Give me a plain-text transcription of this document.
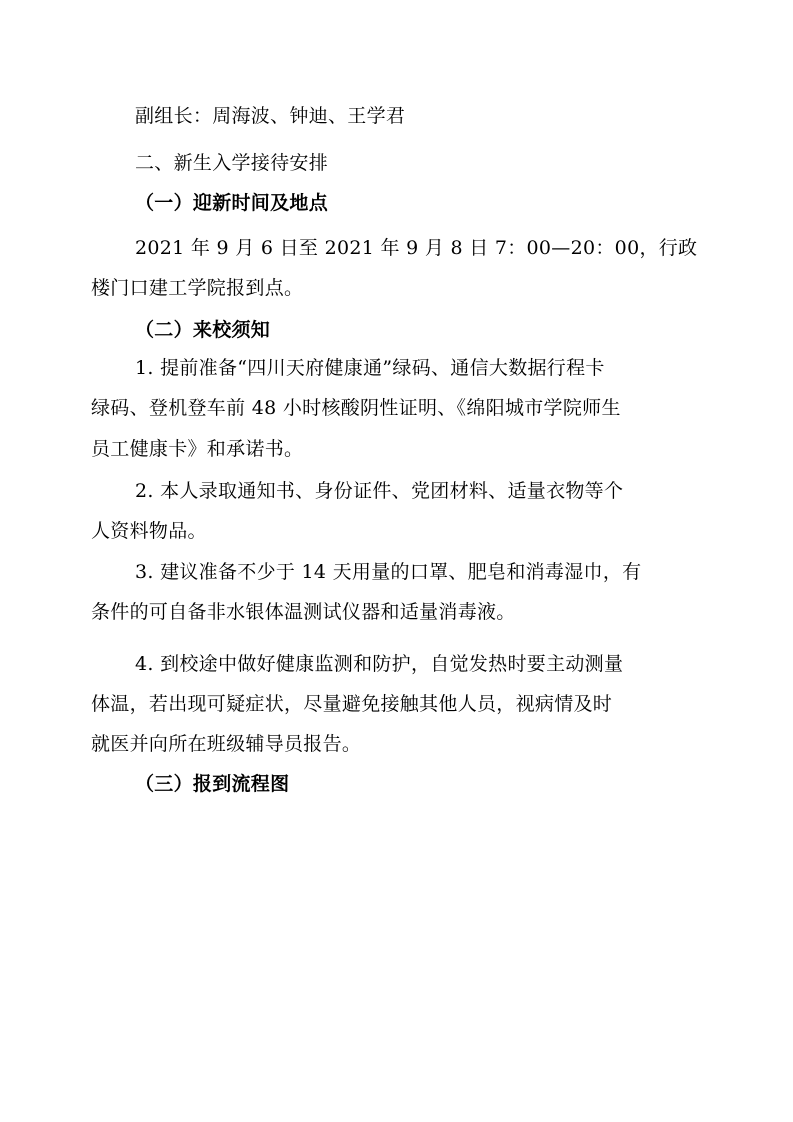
副组长：周海波、钟迪、王学君
二、新生入学接待安排
（一）迎新时间及地点
2021 年 9 月 6 日至 2021 年 9 月 8 日 7：00—20：00，行政
楼门口建工学院报到点。
（二）来校须知
1. 提前准备“四川天府健康通”绿码、通信大数据行程卡
绿码、登机登车前 48 小时核酸阴性证明、《绵阳城市学院师生
员工健康卡》和承诺书。
2. 本人录取通知书、身份证件、党团材料、适量衣物等个
人资料物品。
3. 建议准备不少于 14 天用量的口罩、肥皂和消毒湿巾，有
条件的可自备非水银体温测试仪器和适量消毒液。
4. 到校途中做好健康监测和防护，自觉发热时要主动测量
体温，若出现可疑症状，尽量避免接触其他人员，视病情及时
就医并向所在班级辅导员报告。
（三）报到流程图
